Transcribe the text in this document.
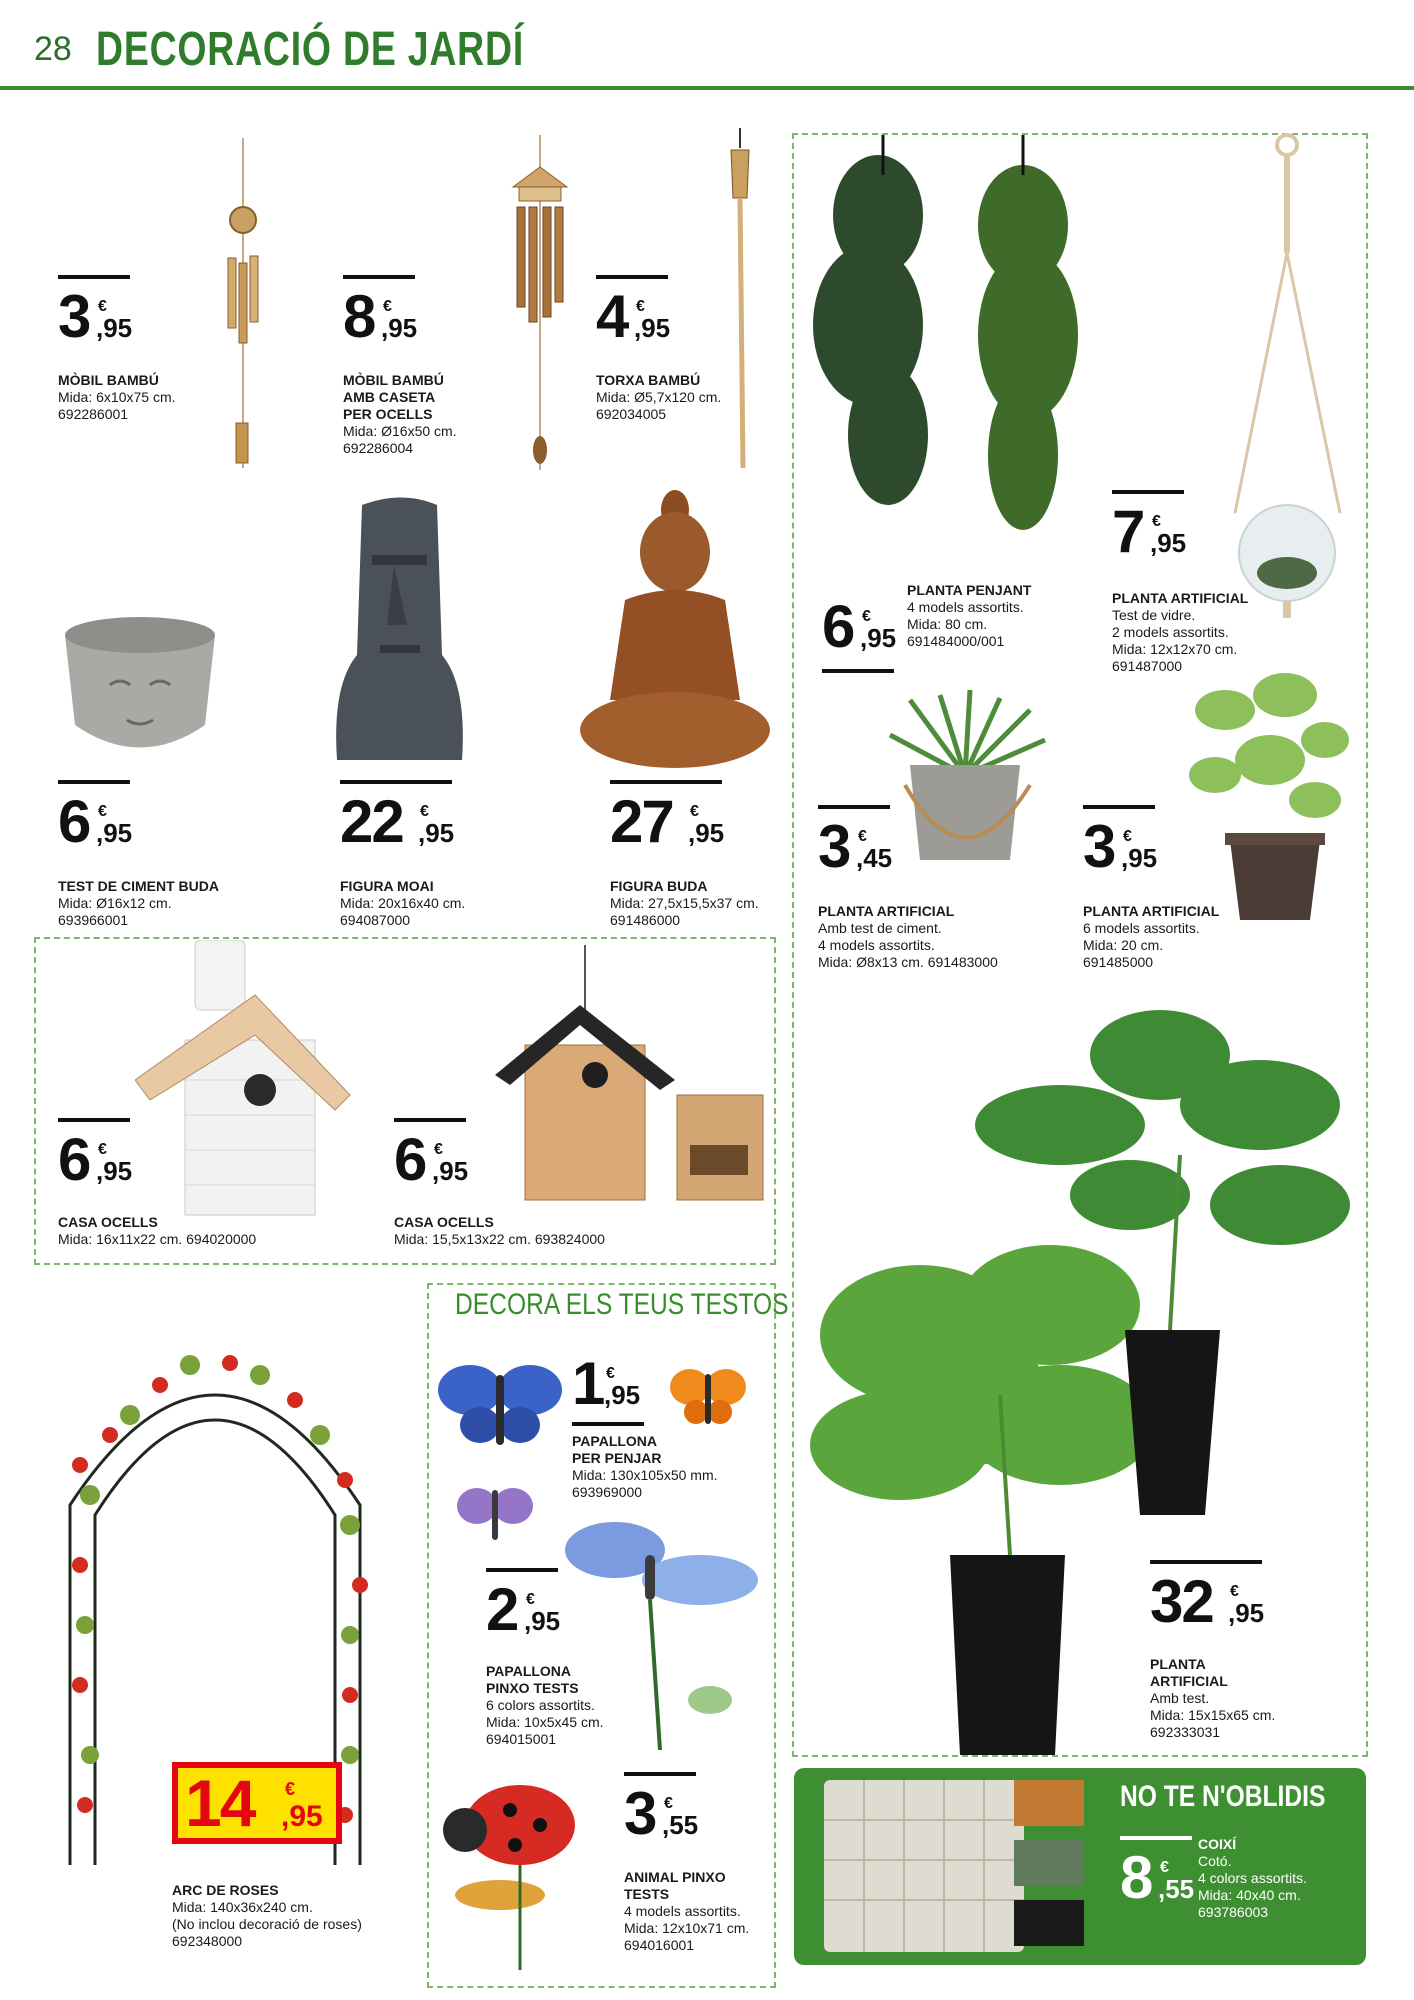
28 DECORACIÓ DE JARDÍ
3 €
,95
MÒBIL BAMBÚ
Mida: 6x10x75 cm.
692286001
8 €
,95
MÒBIL BAMBÚ
AMB CASETA
PER OCELLS
Mida: Ø16x50 cm.
692286004
4 €
,95
TORXA BAMBÚ
Mida: Ø5,7x120 cm.
692034005
6 €
,95
PLANTA PENJANT
4 models assortits.
Mida: 80 cm.
691484000/001
7 €
,95
PLANTA ARTIFICIAL
Test de vidre.
2 models assortits.
Mida: 12x12x70 cm.
691487000
6 €
,95
TEST DE CIMENT BUDA
Mida: Ø16x12 cm.
693966001
22 €
,95
FIGURA MOAI
Mida: 20x16x40 cm.
694087000
27 €
,95
FIGURA BUDA
Mida: 27,5x15,5x37 cm.
691486000
3 €
,45
PLANTA ARTIFICIAL
Amb test de ciment.
4 models assortits.
Mida: Ø8x13 cm. 691483000
3 €
,95
PLANTA ARTIFICIAL
6 models assortits.
Mida: 20 cm.
691485000
6 €
,95
CASA OCELLS
Mida: 16x11x22 cm. 694020000
6 €
,95
CASA OCELLS
Mida: 15,5x13x22 cm. 693824000
32 €
,95
PLANTA
ARTIFICIAL
Amb test.
Mida: 15x15x65 cm.
692333031
14 €
,95
ARC DE ROSES
Mida: 140x36x240 cm.
(No inclou decoració de roses)
692348000
DECORA ELS TEUS TESTOS
1 €
,95
PAPALLONA
PER PENJAR
Mida: 130x105x50 mm.
693969000
2 €
,95
PAPALLONA
PINXO TESTS
6 colors assortits.
Mida: 10x5x45 cm.
694015001
3 €
,55
ANIMAL PINXO
TESTS
4 models assortits.
Mida: 12x10x71 cm.
694016001
NO TE N'OBLIDIS
8 €
,55
COIXÍ
Cotó.
4 colors assortits.
Mida: 40x40 cm.
693786003
